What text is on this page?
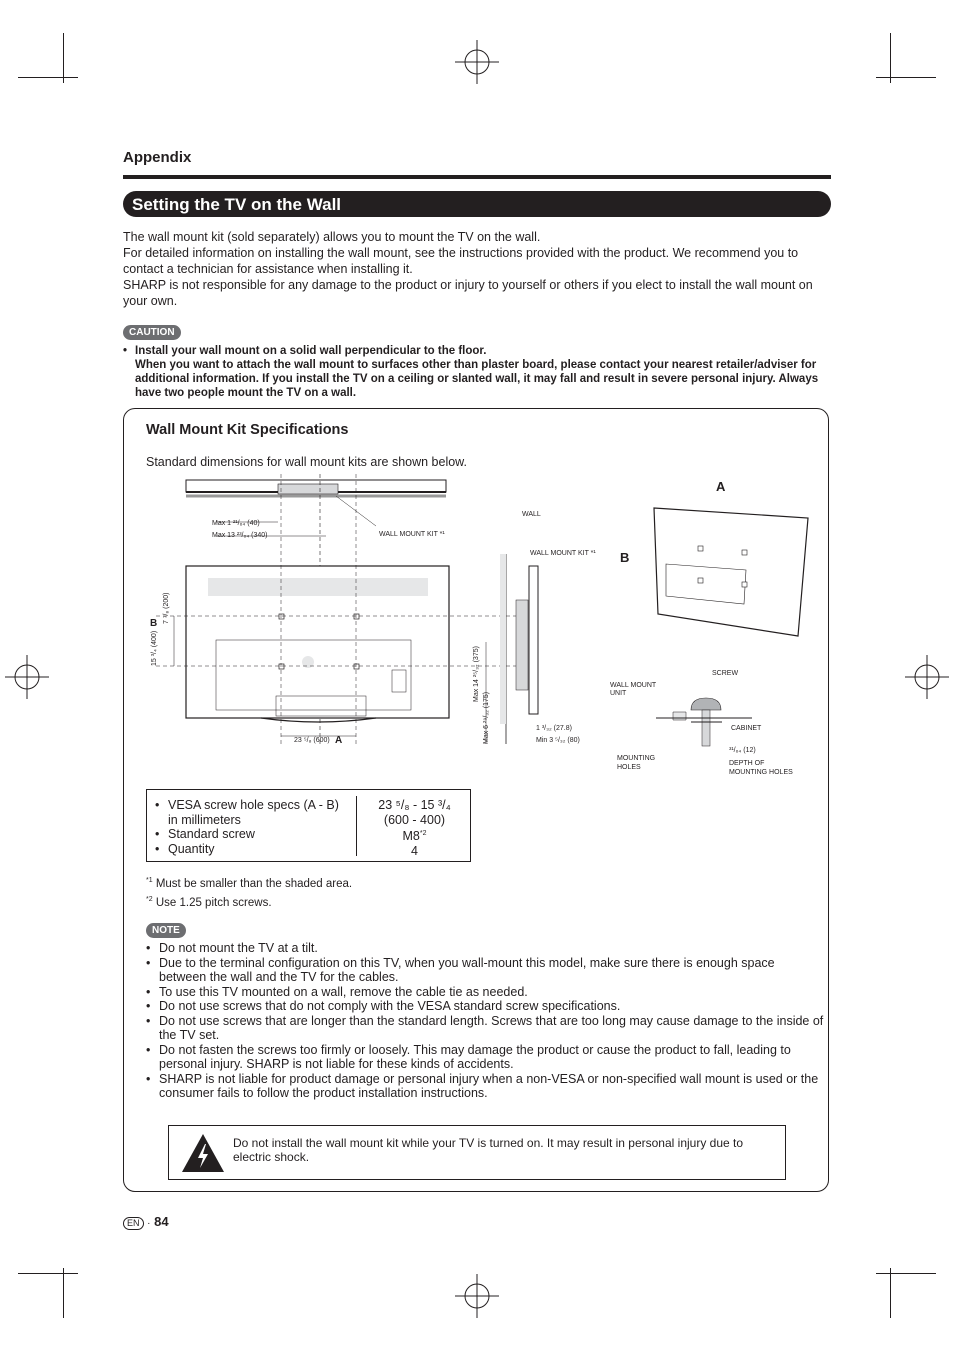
Appendix
Setting the TV on the Wall

The wall mount kit (sold separately) allows you to mount the TV on the wall.

For detailed information on installing the wall mount, see the instructions provided with the product. We recommend you to contact a technician for assistance when installing it.

SHARP is not responsible for any damage to the product or injury to yourself or others if you elect to install the wall mount on your own.

CAUTION
• Install your wall mount on a solid wall perpendicular to the floor.
When you want to attach the wall mount to surfaces other than plaster board, please contact your nearest retailer/adviser for additional information. If you install the TV on a ceiling or slanted wall, it may fall and result in severe personal injury. Always have two people mount the TV on a wall.
Wall Mount Kit Specifications
Standard dimensions for wall mount kits are shown below.
Max 1 ²¹/₆₄ (40)
Max 13 ²³/₆₄ (340)	WALL MOUNT KIT *¹
7 ⁷/₈ (200)
15 ³/₄ (400)
B
23 ⁵/₈ (600) A
WALL
WALL MOUNT KIT *¹
Max 14 ²⁵/₃₂ (375)
Max 6 ²⁹/₃₂ (175)	1 ³/₃₂ (27.8)
Min 3 ⁵/₃₂ (80)
A
B
SCREW
WALL MOUNT
UNIT
CABINET
MOUNTING
HOLES
³¹/₆₄ (12)
DEPTH OF
MOUNTING HOLES
• VESA screw hole specs (A - B)
in millimeters
• Standard screw
• Quantity
23 ⁵/₈ - 15 ³/₄
(600 - 400)
M8$^{*2}$
4
$^{*1}$ Must be smaller than the shaded area.
$^{*2}$ Use 1.25 pitch screws.
NOTE
• Do not mount the TV at a tilt.
• Due to the terminal configuration on this TV, when you wall-mount this model, make sure there is enough space between the wall and the TV for the cables.
• To use this TV mounted on a wall, remove the cable tie as needed.
• Do not use screws that do not comply with the VESA standard screw specifications.
• Do not use screws that are longer than the standard length. Screws that are too long may cause damage to the inside of the TV set.
• Do not fasten the screws too firmly or loosely. This may damage the product or cause the product to fall, leading to personal injury. SHARP is not liable for these kinds of accidents.
• SHARP is not liable for product damage or personal injury when a non-VESA or non-specified wall mount is used or the consumer fails to follow the product installation instructions.
Do not install the wall mount kit while your TV is turned on. It may result in personal injury due to electric shock.
EN · 84
